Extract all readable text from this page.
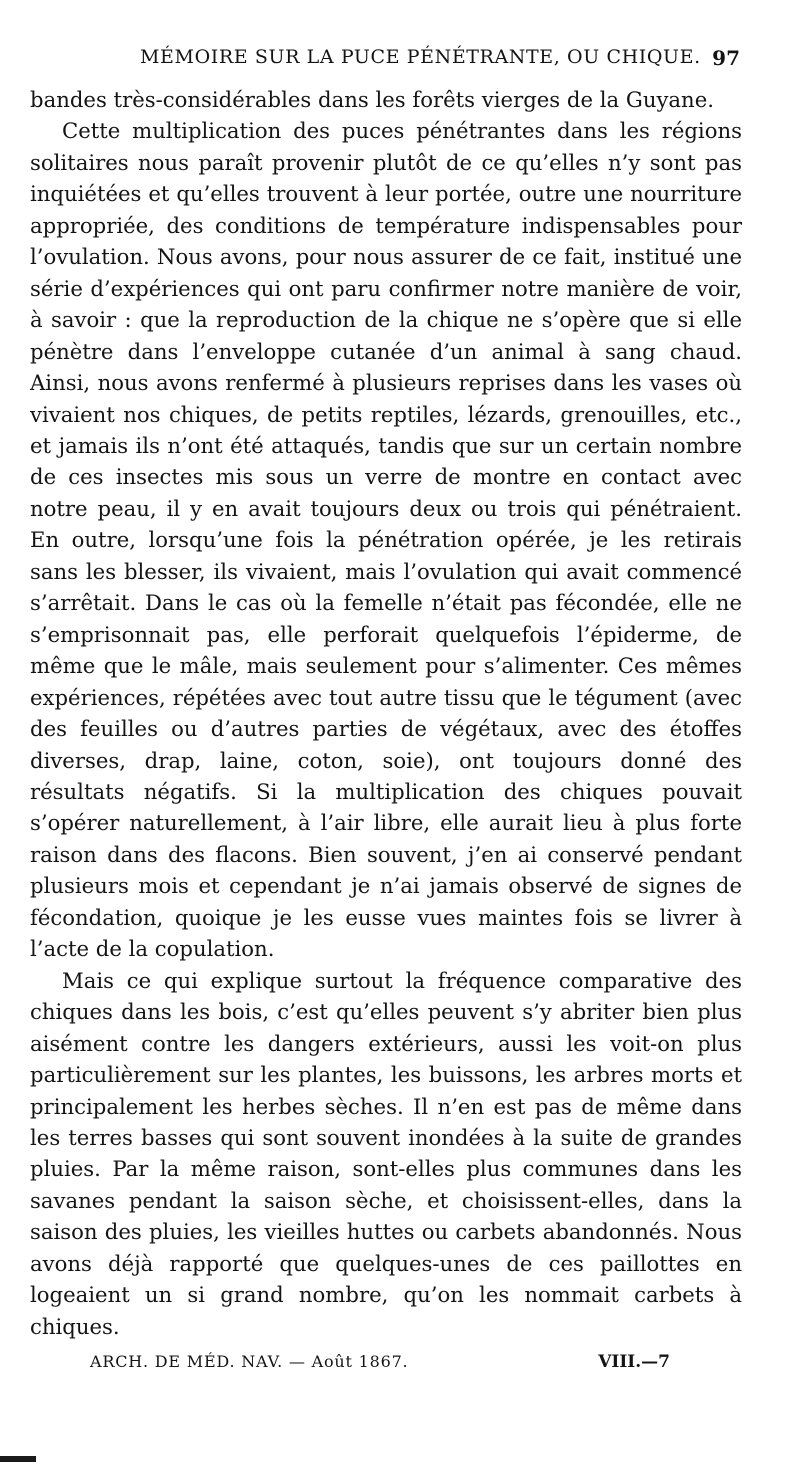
MÉMOIRE SUR LA PUCE PÉNÉTRANTE, OU CHIQUE. 97

bandes très-considérables dans les forêts vierges de la Guyane.

Cette multiplication des puces pénétrantes dans les régions solitaires nous paraît provenir plutôt de ce qu’elles n’y sont pas inquiétées et qu’elles trouvent à leur portée, outre une nourriture appropriée, des conditions de température indispensables pour l’ovulation. Nous avons, pour nous assurer de ce fait, institué une série d’expériences qui ont paru confirmer notre manière de voir, à savoir : que la reproduction de la chique ne s’opère que si elle pénètre dans l’enveloppe cutanée d’un animal à sang chaud. Ainsi, nous avons renfermé à plusieurs reprises dans les vases où vivaient nos chiques, de petits reptiles, lézards, grenouilles, etc., et jamais ils n’ont été attaqués, tandis que sur un certain nombre de ces insectes mis sous un verre de montre en contact avec notre peau, il y en avait toujours deux ou trois qui pénétraient. En outre, lorsqu’une fois la pénétration opérée, je les retirais sans les blesser, ils vivaient, mais l’ovulation qui avait commencé s’arrêtait. Dans le cas où la femelle n’était pas fécondée, elle ne s’emprisonnait pas, elle perforait quelquefois l’épiderme, de même que le mâle, mais seulement pour s’alimenter. Ces mêmes expériences, répétées avec tout autre tissu que le tégument (avec des feuilles ou d’autres parties de végétaux, avec des étoffes diverses, drap, laine, coton, soie), ont toujours donné des résultats négatifs. Si la multiplication des chiques pouvait s’opérer naturellement, à l’air libre, elle aurait lieu à plus forte raison dans des flacons. Bien souvent, j’en ai conservé pendant plusieurs mois et cependant je n’ai jamais observé de signes de fécondation, quoique je les eusse vues maintes fois se livrer à l’acte de la copulation.

Mais ce qui explique surtout la fréquence comparative des chiques dans les bois, c’est qu’elles peuvent s’y abriter bien plus aisément contre les dangers extérieurs, aussi les voit-on plus particulièrement sur les plantes, les buissons, les arbres morts et principalement les herbes sèches. Il n’en est pas de même dans les terres basses qui sont souvent inondées à la suite de grandes pluies. Par la même raison, sont-elles plus communes dans les savanes pendant la saison sèche, et choisissent-elles, dans la saison des pluies, les vieilles huttes ou carbets abandonnés. Nous avons déjà rapporté que quelques-unes de ces paillottes en logeaient un si grand nombre, qu’on les nommait carbets à chiques.

ARCH. DE MÉD. NAV. — Août 1867.	VIII.—7
